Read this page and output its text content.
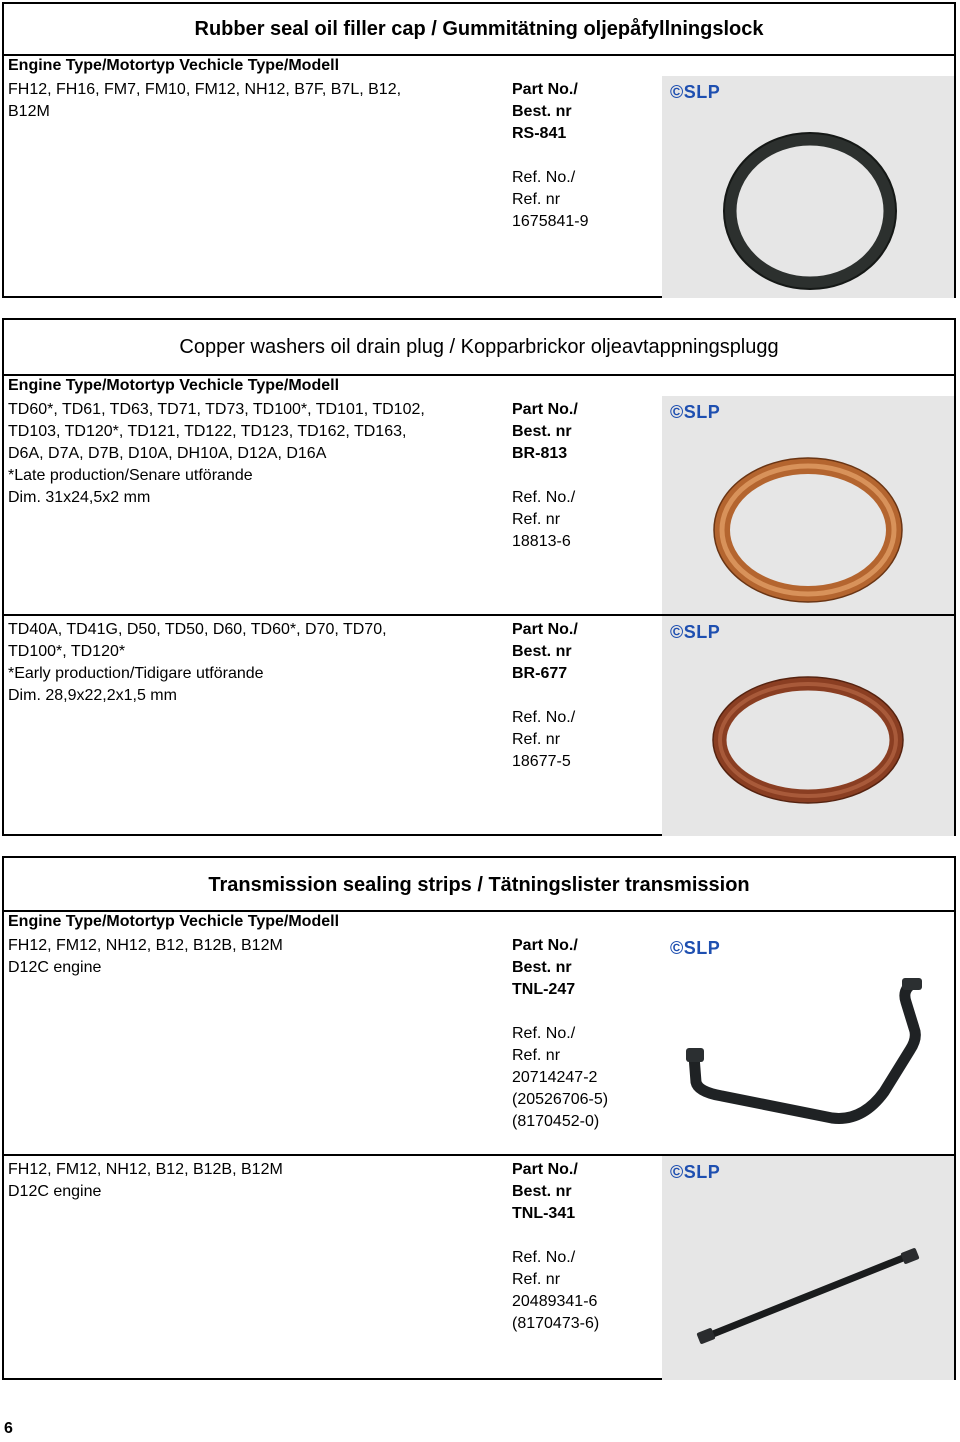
Rubber seal oil filler cap / Gummitätning oljepåfyllningslock
Engine Type/Motortyp Vechicle Type/Modell
FH12, FH16, FM7, FM10, FM12, NH12, B7F, B7L, B12,
B12M
Part No./
Best. nr
RS-841
Ref. No./
Ref. nr
1675841-9
©SLP
Copper washers oil drain plug / Kopparbrickor oljeavtappningsplugg
Engine Type/Motortyp Vechicle Type/Modell
TD60*, TD61, TD63, TD71, TD73, TD100*, TD101, TD102,
TD103, TD120*, TD121, TD122, TD123, TD162, TD163,
D6A, D7A, D7B, D10A, DH10A, D12A, D16A
*Late production/Senare utförande
Dim. 31x24,5x2 mm
Part No./
Best. nr
BR-813
Ref. No./
Ref. nr
18813-6
©SLP
TD40A, TD41G, D50, TD50, D60, TD60*, D70, TD70,
TD100*, TD120*
*Early production/Tidigare utförande
Dim. 28,9x22,2x1,5 mm
Part No./
Best. nr
BR-677
Ref. No./
Ref. nr
18677-5
©SLP
Transmission sealing strips / Tätningslister transmission
Engine Type/Motortyp Vechicle Type/Modell
FH12, FM12, NH12, B12, B12B, B12M
D12C engine
Part No./
Best. nr
TNL-247
Ref. No./
Ref. nr
20714247-2
(20526706-5)
(8170452-0)
©SLP
FH12, FM12, NH12, B12, B12B, B12M
D12C engine
Part No./
Best. nr
TNL-341
Ref. No./
Ref. nr
20489341-6
(8170473-6)
©SLP
6
